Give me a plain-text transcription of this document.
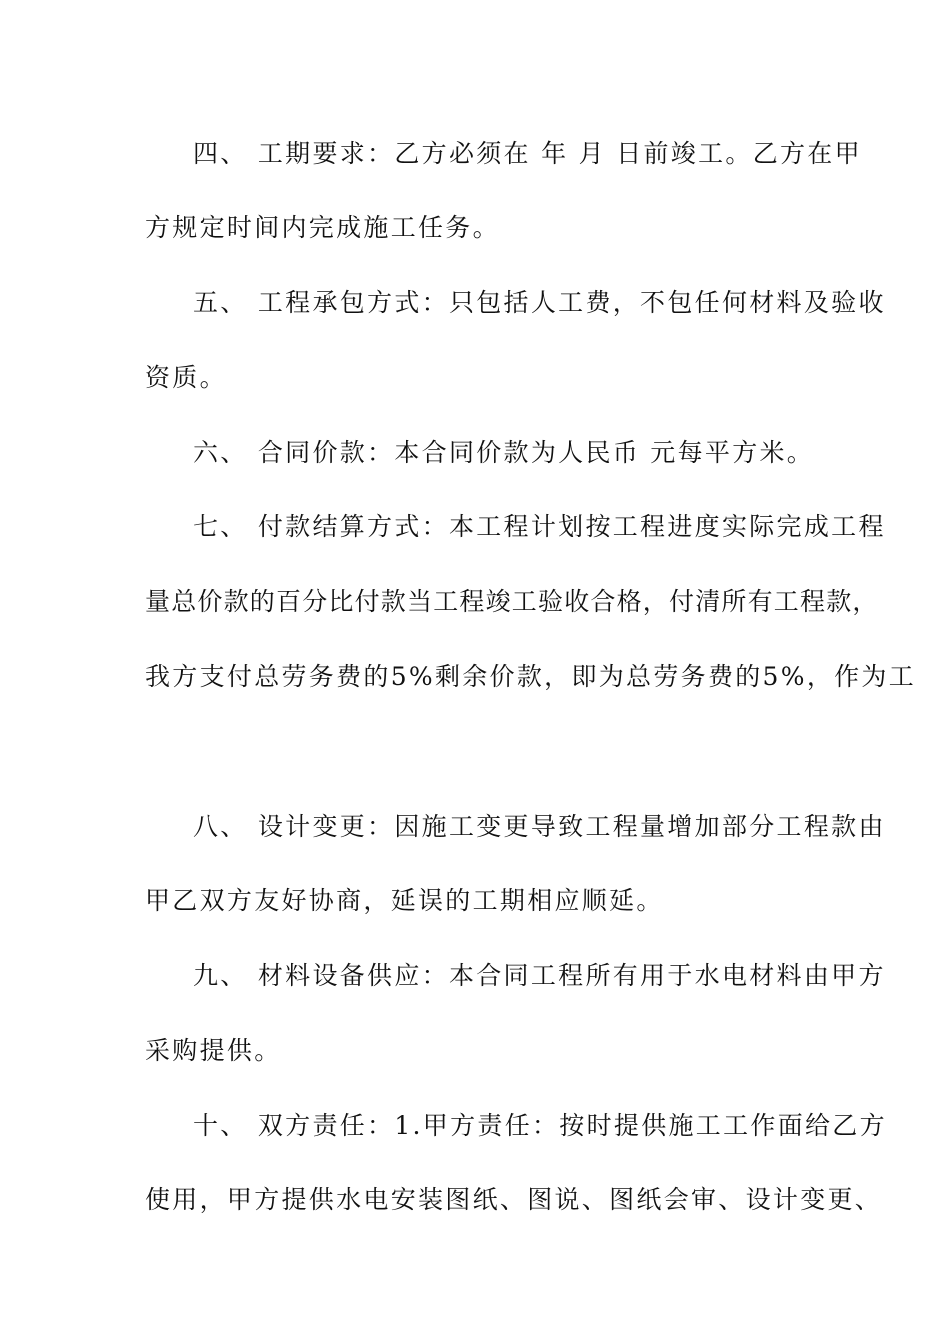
四、 工期要求：乙方必须在 年 月 日前竣工。乙方在甲
方规定时间内完成施工任务。
五、 工程承包方式：只包括人工费，不包任何材料及验收
资质。
六、 合同价款：本合同价款为人民币 元每平方米。
七、 付款结算方式：本工程计划按工程进度实际完成工程
量总价款的百分比付款当工程竣工验收合格，付清所有工程款，
我方支付总劳务费的5%剩余价款，即为总劳务费的5%，作为工
八、 设计变更：因施工变更导致工程量增加部分工程款由
甲乙双方友好协商，延误的工期相应顺延。
九、 材料设备供应：本合同工程所有用于水电材料由甲方
采购提供。
十、 双方责任：1.甲方责任：按时提供施工工作面给乙方
使用，甲方提供水电安装图纸、图说、图纸会审、设计变更、
